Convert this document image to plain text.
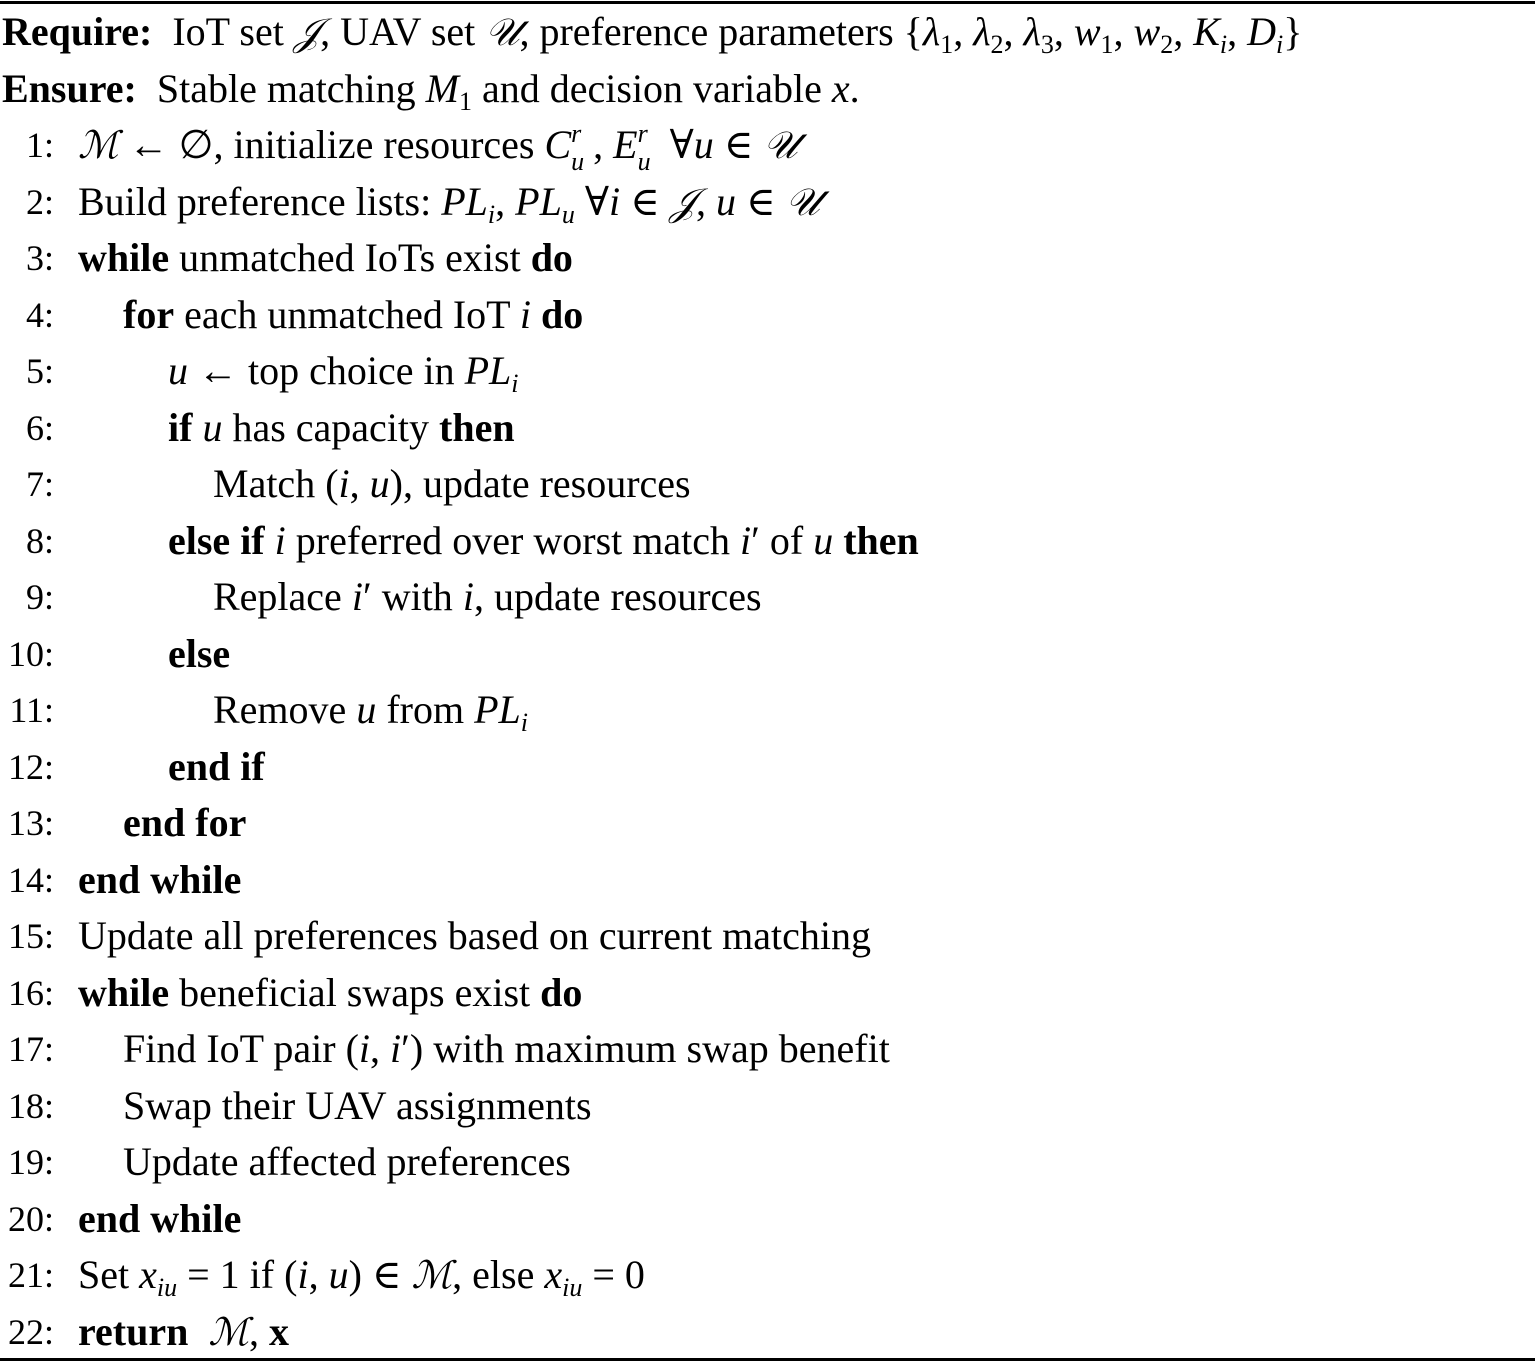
Require:  IoT set 𝒥, UAV set 𝒰, preference parameters {$\lambda_1$, $\lambda_2$, $\lambda_3$, $w_1$, $w_2$, $K_i$, $D_i$}
Ensure:  Stable matching $M_1$ and decision variable x.
1: ℳ ← ∅, initialize resources C r
u , E r
u ∀u ∈ 𝒰
2: Build preference lists: $PL_i$, $PL_u$ ∀i ∈ 𝒥, u ∈ 𝒰
3: while unmatched IoTs exist do
4: for each unmatched IoT i do
5:	u ← top choice in $PL_i$
6:	if u has capacity then
7:	Match (i, u), update resources
8:	else if i preferred over worst match i′ of u then
9:	Replace i′ with i, update resources
10:	else
11:	Remove u from $PL_i$
12:	end if
13: end for
14: end while
15: Update all preferences based on current matching
16: while beneficial swaps exist do
17: Find IoT pair (i, i′) with maximum swap benefit
18: Swap their UAV assignments
19: Update affected preferences
20: end while
21: Set $x_{iu} = 1$ if (i, u) ∈ ℳ, else $x_{iu} = 0$
22: return ℳ, x
